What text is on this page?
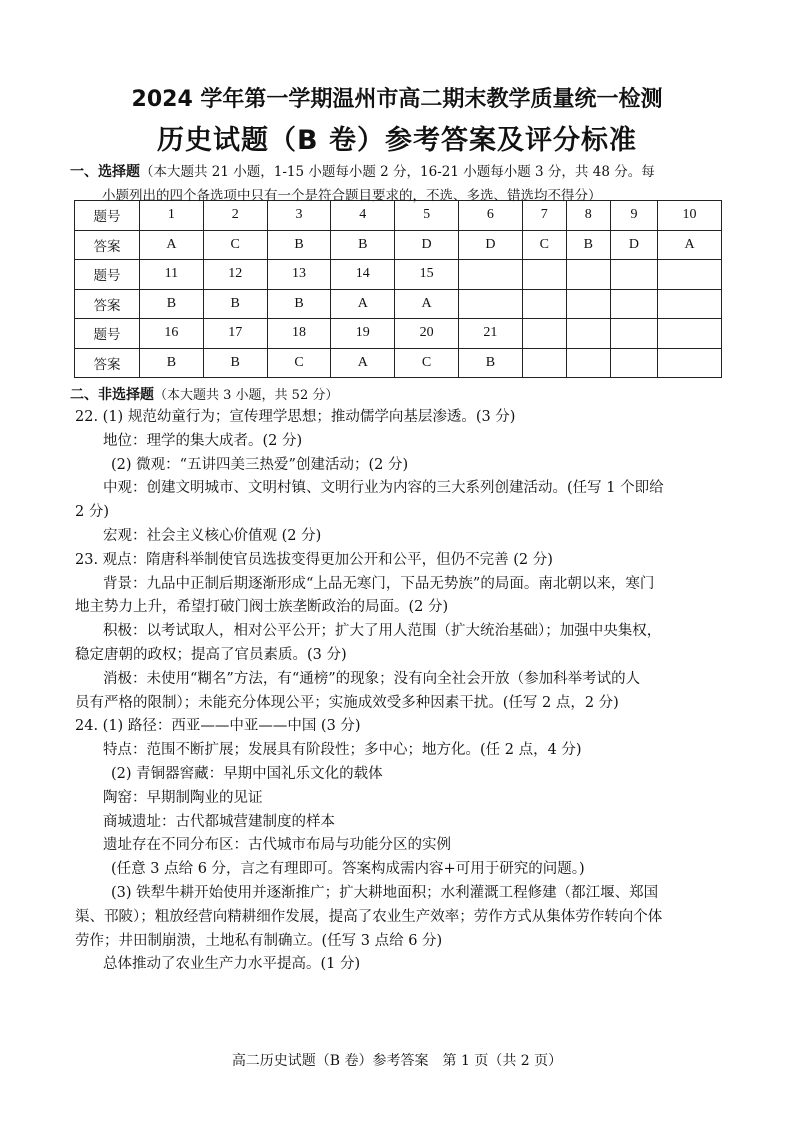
2024 学年第一学期温州市高二期末教学质量统一检测
历史试题（B 卷）参考答案及评分标准
一、选择题（本大题共 21 小题，1-15 小题每小题 2 分，16-21 小题每小题 3 分，共 48 分。每
小题列出的四个备选项中只有一个是符合题目要求的，不选、多选、错选均不得分）
题号	1	2	3	4	5	6	7	8	9	10
答案	A	C	B	B	D	D	C	B	D	A
题号	11	12	13	14	15					
答案	B	B	B	A	A					
题号	16	17	18	19	20	21				
答案	B	B	C	A	C	B				
二、非选择题（本大题共 3 小题，共 52 分）

22. (1) 规范幼童行为；宣传理学思想；推动儒学向基层渗透。(3 分)

地位：理学的集大成者。(2 分)

(2) 微观：“五讲四美三热爱”创建活动；(2 分)

中观：创建文明城市、文明村镇、文明行业为内容的三大系列创建活动。(任写 1 个即给

2 分)

宏观：社会主义核心价值观 (2 分)

23. 观点：隋唐科举制使官员选拔变得更加公开和公平，但仍不完善 (2 分)

背景：九品中正制后期逐渐形成“上品无寒门，下品无势族”的局面。南北朝以来，寒门

地主势力上升，希望打破门阀士族垄断政治的局面。(2 分)

积极：以考试取人，相对公平公开；扩大了用人范围（扩大统治基础）；加强中央集权，

稳定唐朝的政权；提高了官员素质。(3 分)

消极：未使用“糊名”方法，有“通榜”的现象；没有向全社会开放（参加科举考试的人

员有严格的限制）；未能充分体现公平；实施成效受多种因素干扰。(任写 2 点，2 分)

24. (1) 路径：西亚——中亚——中国 (3 分)

特点：范围不断扩展；发展具有阶段性；多中心；地方化。(任 2 点，4 分)

(2) 青铜器窖藏：早期中国礼乐文化的载体

陶窑：早期制陶业的见证

商城遗址：古代都城营建制度的样本

遗址存在不同分布区：古代城市布局与功能分区的实例

(任意 3 点给 6 分，言之有理即可。答案构成需内容+可用于研究的问题。)

(3) 铁犁牛耕开始使用并逐渐推广；扩大耕地面积；水利灌溉工程修建（都江堰、郑国

渠、邗陂）；粗放经营向精耕细作发展，提高了农业生产效率；劳作方式从集体劳作转向个体

劳作；井田制崩溃，土地私有制确立。(任写 3 点给 6 分)

总体推动了农业生产力水平提高。(1 分)

高二历史试题（B 卷）参考答案　第 1 页（共 2 页）
